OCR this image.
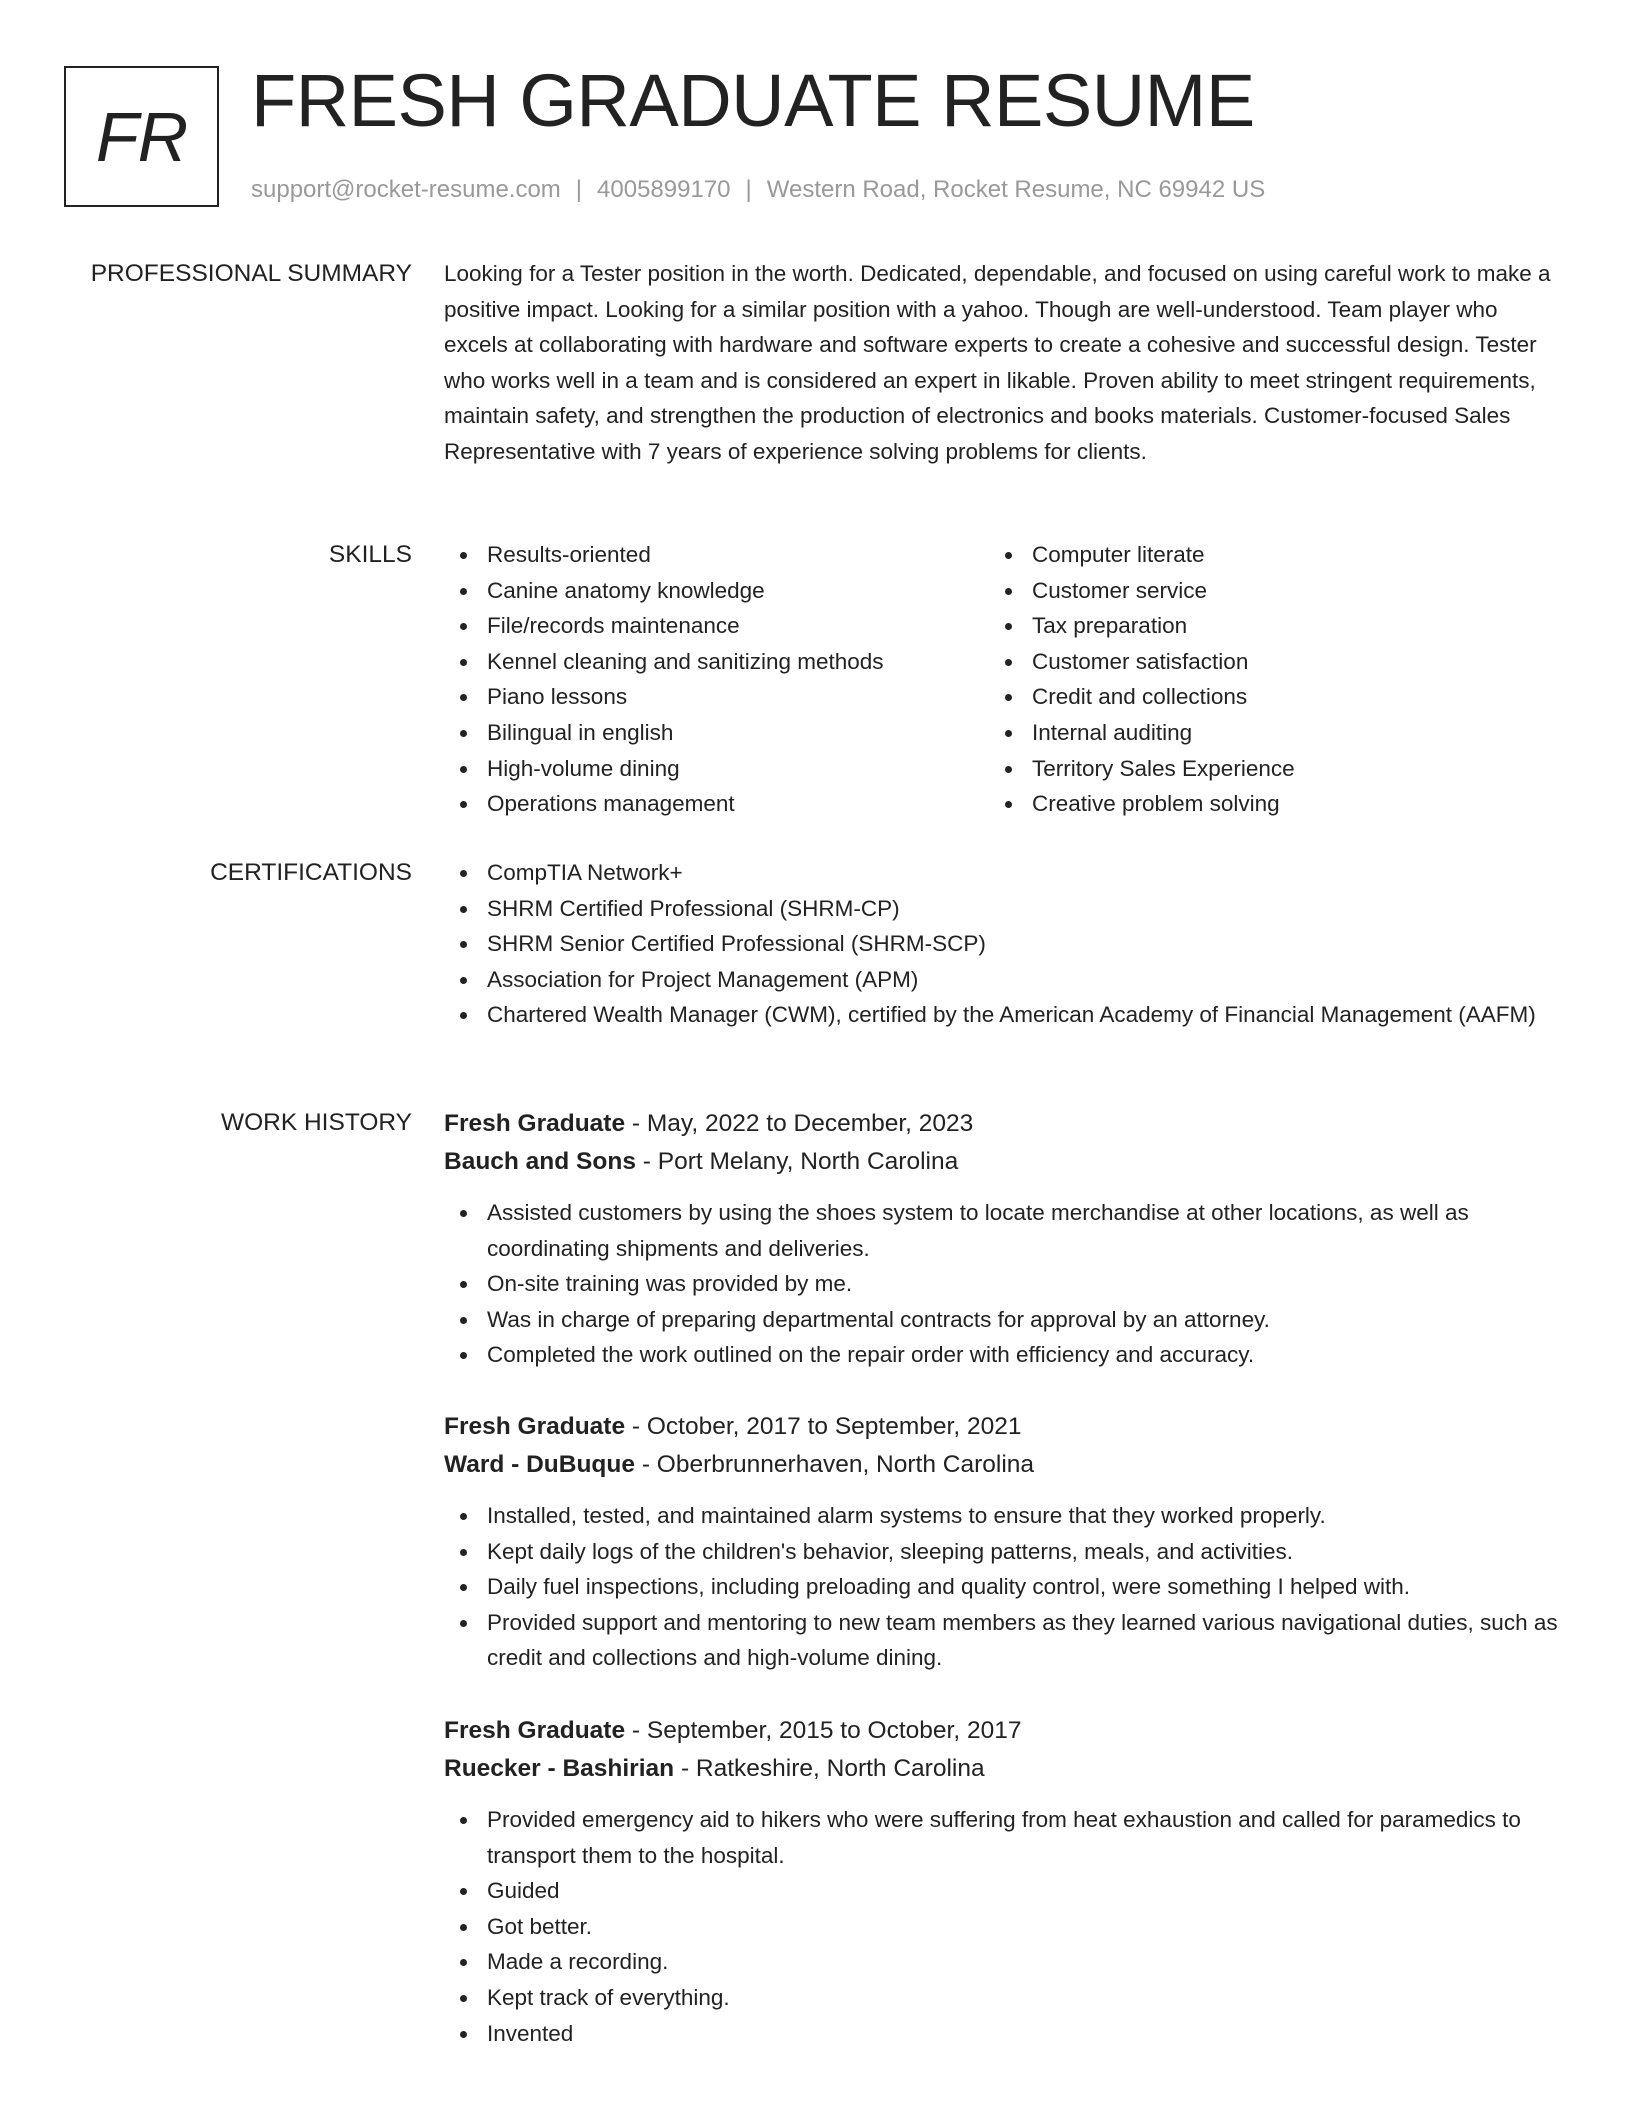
FR FRESH GRADUATE RESUME
support@rocket-resume.com | 4005899170 | Western Road, Rocket Resume, NC 69942 US
PROFESSIONAL SUMMARY Looking for a Tester position in the worth. Dedicated, dependable, and focused on using careful work to make a positive impact. Looking for a similar position with a yahoo. Though are well-understood. Team player who excels at collaborating with hardware and software experts to create a cohesive and successful design. Tester who works well in a team and is considered an expert in likable. Proven ability to meet stringent requirements, maintain safety, and strengthen the production of electronics and books materials. Customer-focused Sales Representative with 7 years of experience solving problems for clients.

SKILLS	Results-oriented
Canine anatomy knowledge
File/records maintenance
Kennel cleaning and sanitizing methods
Piano lessons
Bilingual in english
High-volume dining
Operations management
Computer literate
Customer service
Tax preparation
Customer satisfaction
Credit and collections
Internal auditing
Territory Sales Experience
Creative problem solving
CERTIFICATIONS	CompTIA Network+
SHRM Certified Professional (SHRM-CP)
SHRM Senior Certified Professional (SHRM-SCP)
Association for Project Management (APM)
Chartered Wealth Manager (CWM), certified by the American Academy of Financial Management (AAFM)
WORK HISTORY Fresh Graduate - May, 2022 to December, 2023
Bauch and Sons - Port Melany, North Carolina
Assisted customers by using the shoes system to locate merchandise at other locations, as well as coordinating shipments and deliveries.
On-site training was provided by me.
Was in charge of preparing departmental contracts for approval by an attorney.
Completed the work outlined on the repair order with efficiency and accuracy.
Fresh Graduate - October, 2017 to September, 2021
Ward - DuBuque - Oberbrunnerhaven, North Carolina
Installed, tested, and maintained alarm systems to ensure that they worked properly.
Kept daily logs of the children's behavior, sleeping patterns, meals, and activities.
Daily fuel inspections, including preloading and quality control, were something I helped with.
Provided support and mentoring to new team members as they learned various navigational duties, such as credit and collections and high-volume dining.
Fresh Graduate - September, 2015 to October, 2017
Ruecker - Bashirian - Ratkeshire, North Carolina
Provided emergency aid to hikers who were suffering from heat exhaustion and called for paramedics to transport them to the hospital.
Guided
Got better.
Made a recording.
Kept track of everything.
Invented
